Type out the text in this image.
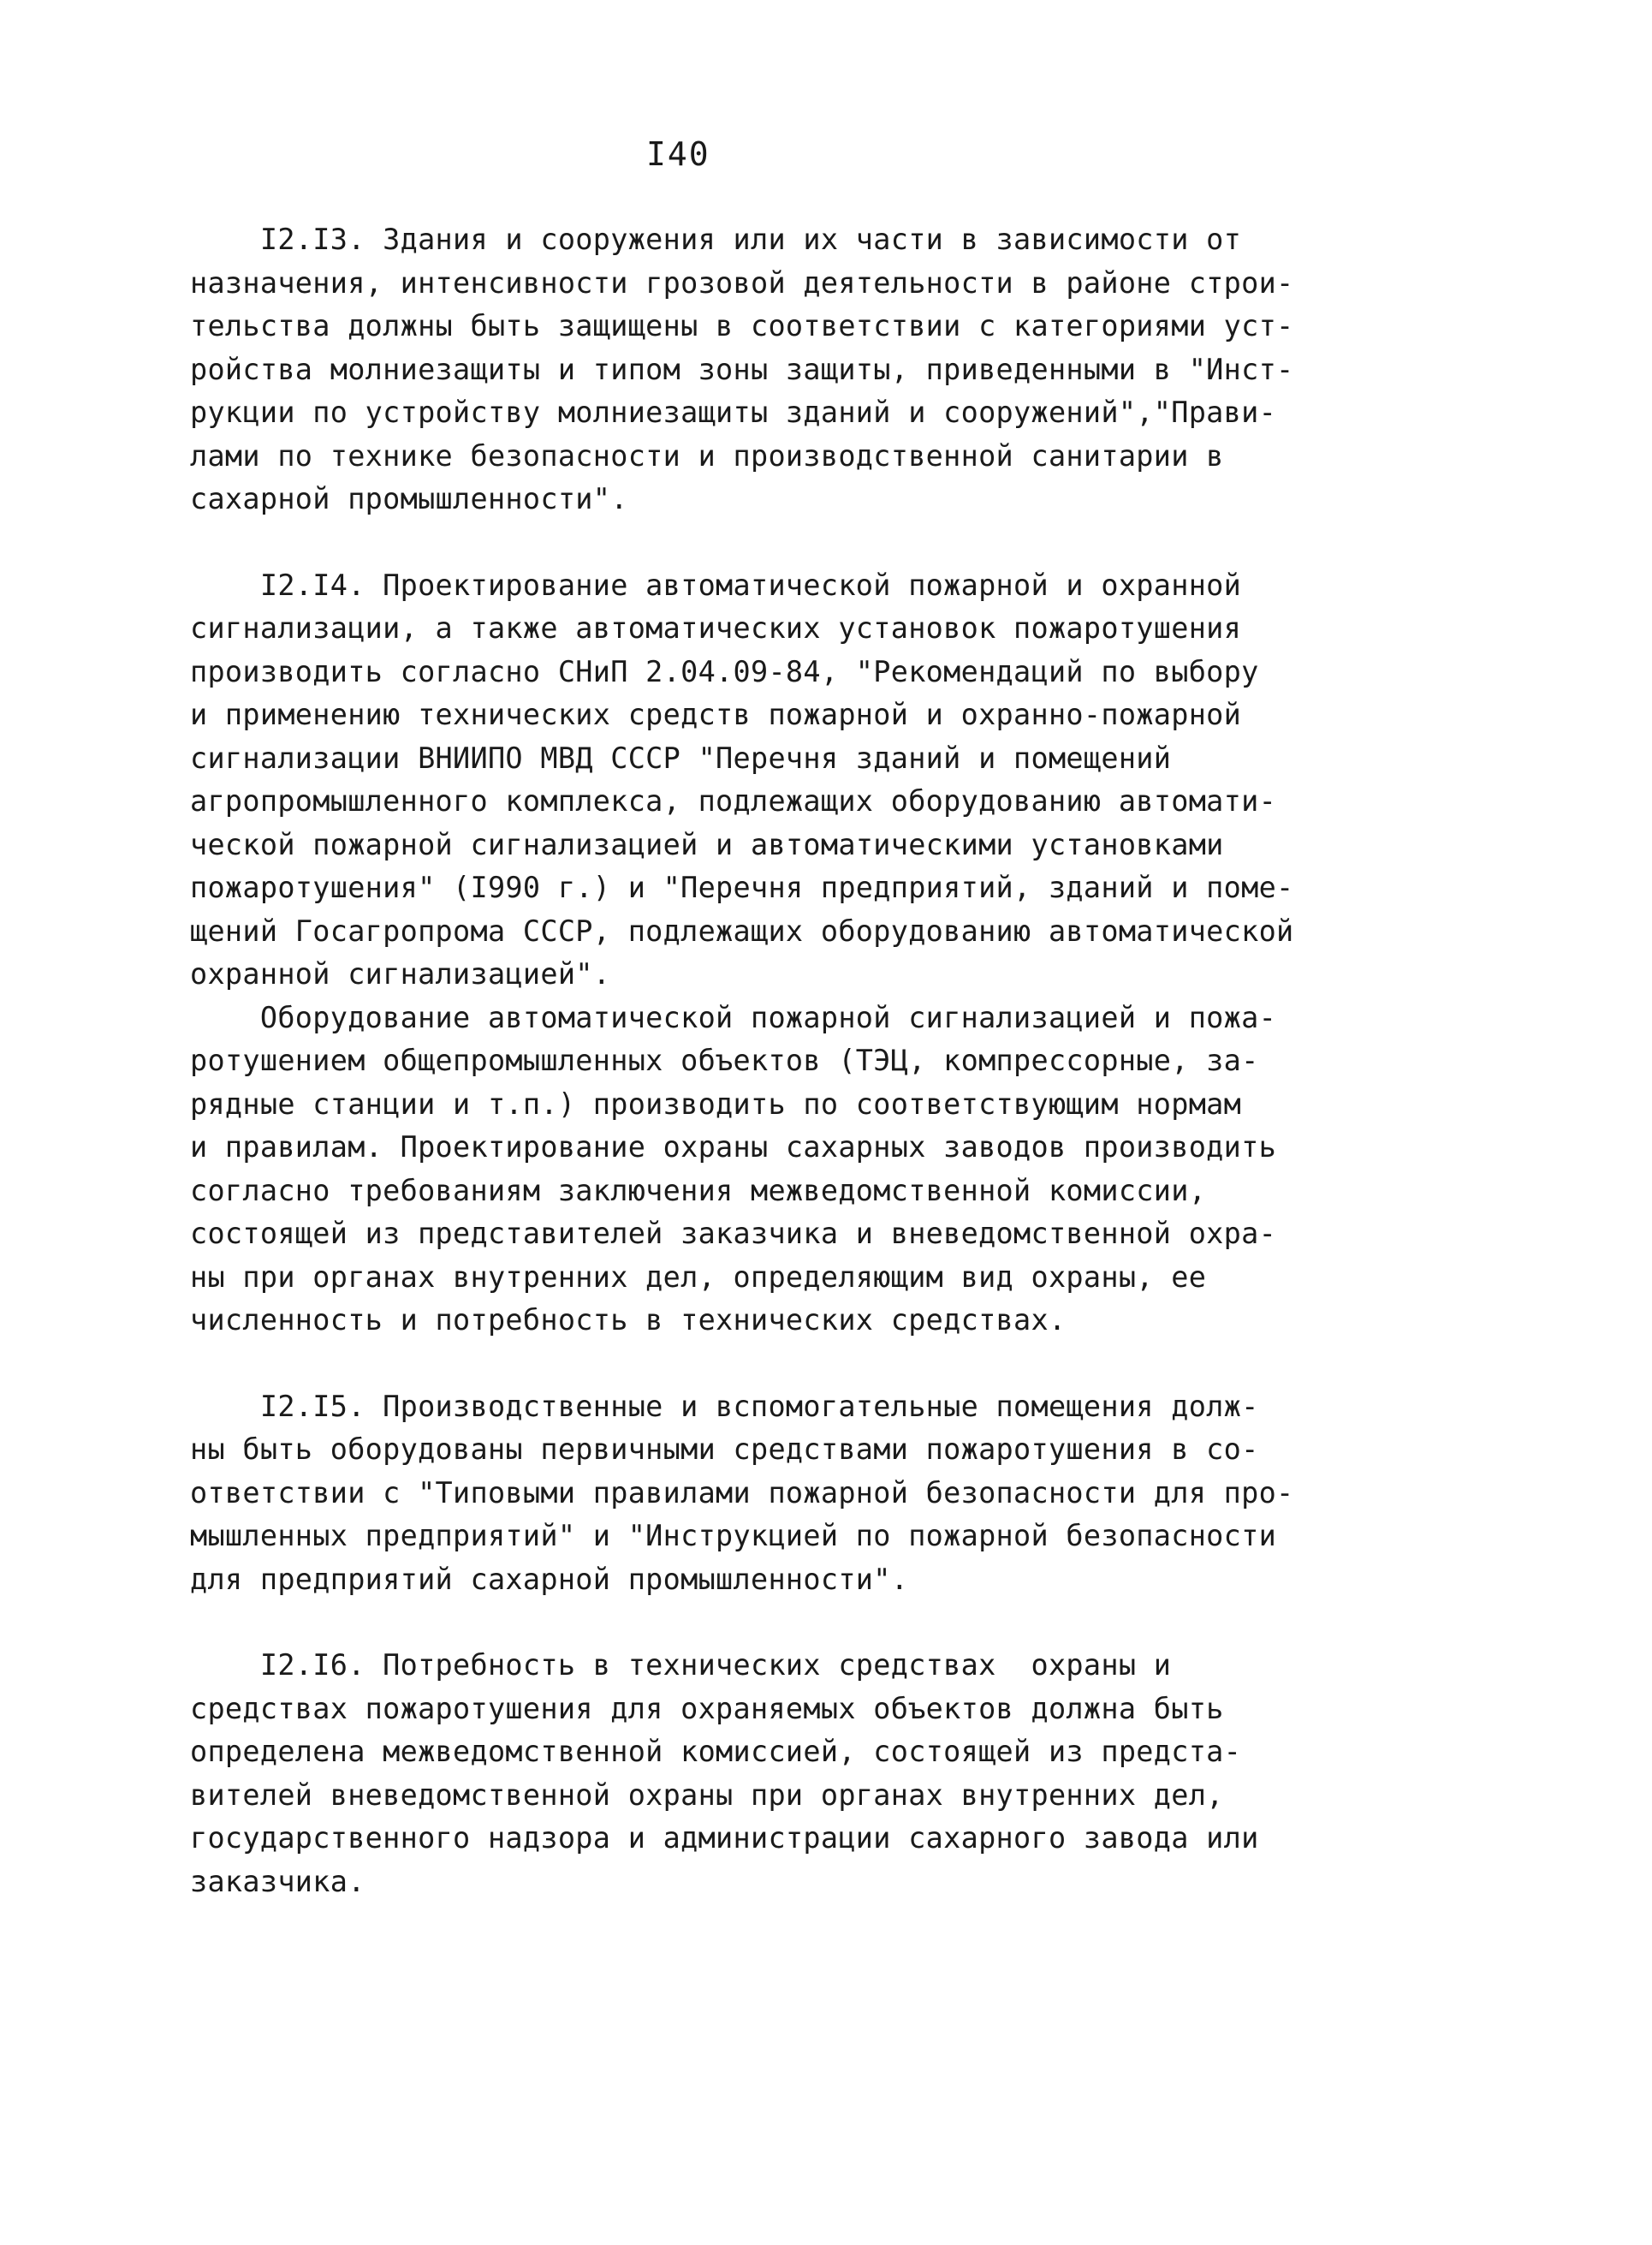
I40

I2.I3. Здания и сооружения или их части в зависимости от
назначения, интенсивности грозовой деятельности в районе строи-
тельства должны быть защищены в соответствии с категориями уст-
ройства молниезащиты и типом зоны защиты, приведенными в "Инст-
рукции по устройству молниезащиты зданий и сооружений","Прави-
лами по технике безопасности и производственной санитарии в
сахарной промышленности".

I2.I4. Проектирование автоматической пожарной и охранной
сигнализации, а также автоматических установок пожаротушения
производить согласно СНиП 2.04.09-84, "Рекомендаций по выбору
и применению технических средств пожарной и охранно-пожарной
сигнализации ВНИИПО МВД СССР "Перечня зданий и помещений
агропромышленного комплекса, подлежащих оборудованию автомати-
ческой пожарной сигнализацией и автоматическими установками
пожаротушения" (I990 г.) и "Перечня предприятий, зданий и поме-
щений Госагропрома СССР, подлежащих оборудованию автоматической
охранной сигнализацией".

Оборудование автоматической пожарной сигнализацией и пожа-
ротушением общепромышленных объектов (ТЭЦ, компрессорные, за-
рядные станции и т.п.) производить по соответствующим нормам
и правилам. Проектирование охраны сахарных заводов производить
согласно требованиям заключения межведомственной комиссии,
состоящей из представителей заказчика и вневедомственной охра-
ны при органах внутренних дел, определяющим вид охраны, ее
численность и потребность в технических средствах.

I2.I5. Производственные и вспомогательные помещения долж-
ны быть оборудованы первичными средствами пожаротушения в со-
ответствии с "Типовыми правилами пожарной безопасности для про-
мышленных предприятий" и "Инструкцией по пожарной безопасности
для предприятий сахарной промышленности".

I2.I6. Потребность в технических средствах  охраны и
средствах пожаротушения для охраняемых объектов должна быть
определена межведомственной комиссией, состоящей из предста-
вителей вневедомственной охраны при органах внутренних дел,
государственного надзора и администрации сахарного завода или
заказчика.
